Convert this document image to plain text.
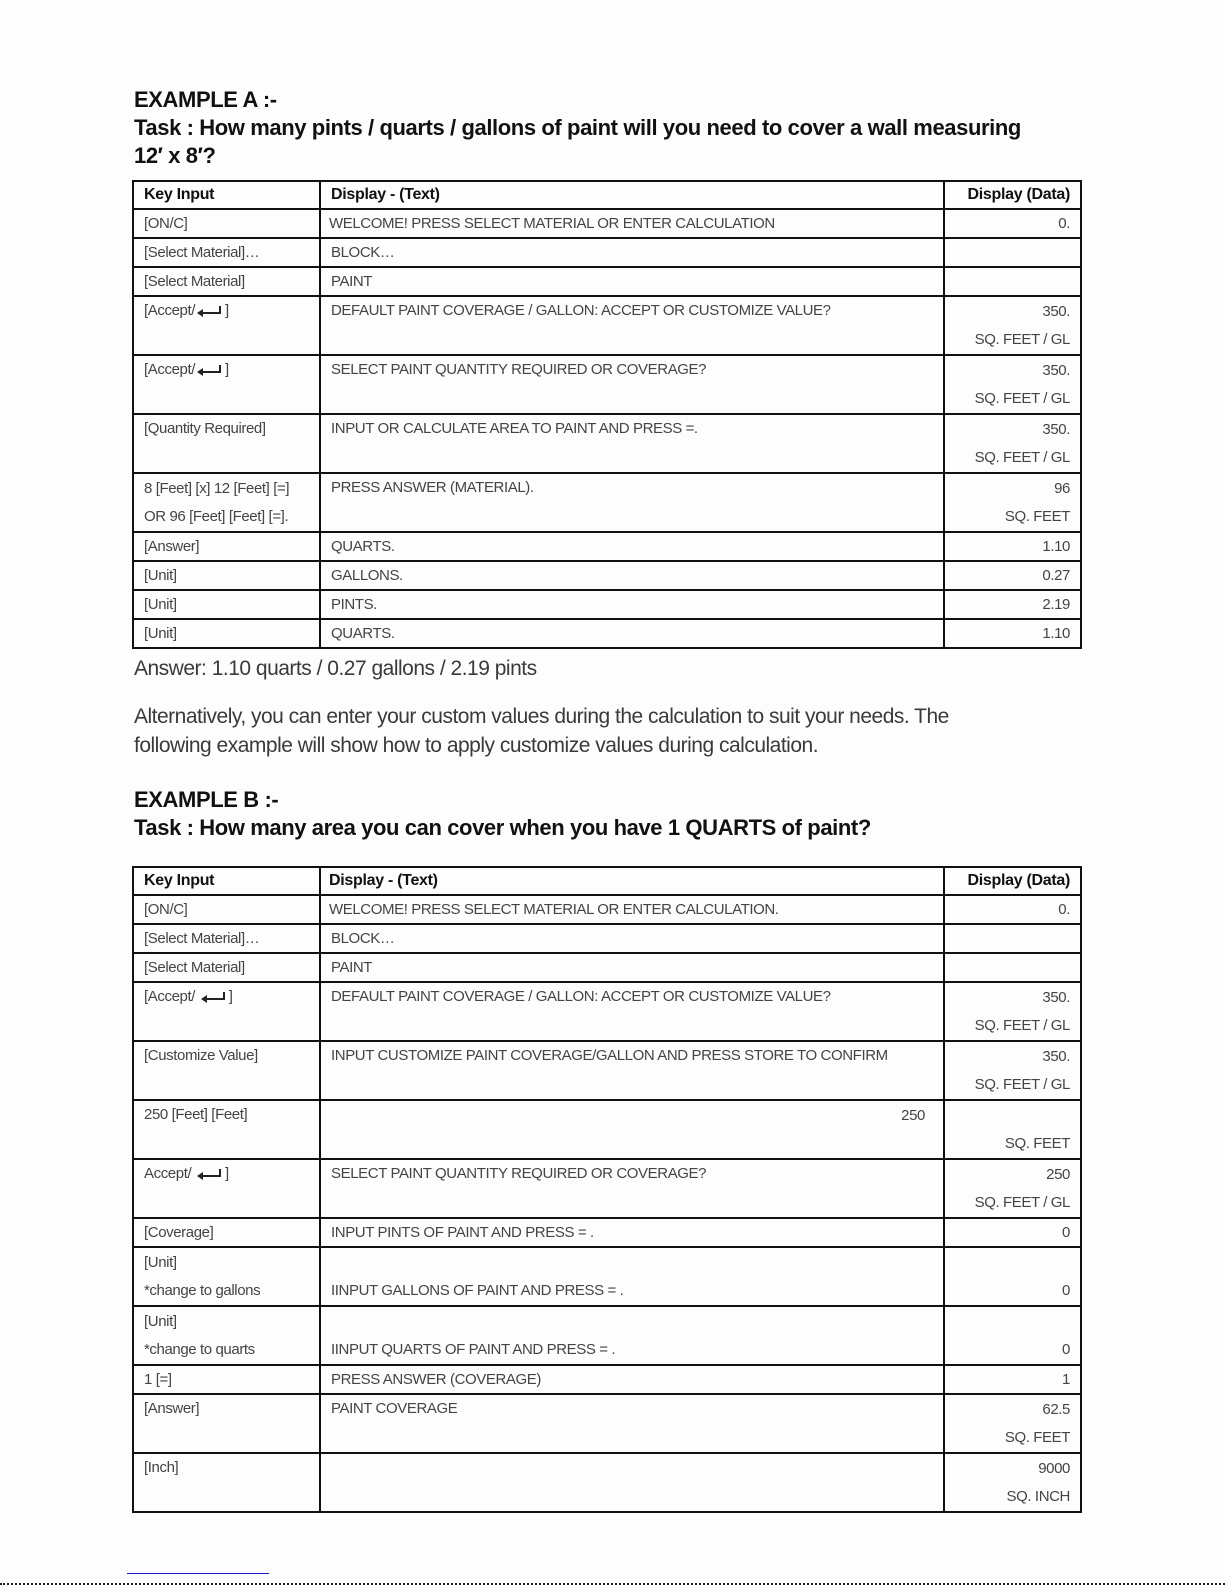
EXAMPLE A :-
Task : How many pints / quarts / gallons of paint will you need to cover a wall measuring
12′ x 8′?
Key Input	Display - (Text)	Display (Data)
[ON/C]	WELCOME! PRESS SELECT MATERIAL OR ENTER CALCULATION	0.
[Select Material]…	BLOCK…	
[Select Material]	PAINT	
[Accept/ ]	DEFAULT PAINT COVERAGE / GALLON: ACCEPT OR CUSTOMIZE VALUE?	350.
SQ. FEET / GL

[Accept/ ]	SELECT PAINT QUANTITY REQUIRED OR COVERAGE?	350.
SQ. FEET / GL

[Quantity Required]	INPUT OR CALCULATE AREA TO PAINT AND PRESS =.	350.
SQ. FEET / GL

8 [Feet] [x] 12 [Feet] [=]
OR 96 [Feet] [Feet] [=].	PRESS ANSWER (MATERIAL).	96
SQ. FEET

[Answer]	QUARTS.	1.10
[Unit]	GALLONS.	0.27
[Unit]	PINTS.	2.19
[Unit]	QUARTS.	1.10

Answer: 1.10 quarts / 0.27 gallons / 2.19 pints

Alternatively, you can enter your custom values during the calculation to suit your needs. The

following example will show how to apply customize values during calculation.

EXAMPLE B :-
Task : How many area you can cover when you have 1 QUARTS of paint?
Key Input	Display - (Text)	Display (Data)
[ON/C]	WELCOME! PRESS SELECT MATERIAL OR ENTER CALCULATION.	0.
[Select Material]…	BLOCK…	
[Select Material]	PAINT	
[Accept/
]	DEFAULT PAINT COVERAGE / GALLON: ACCEPT OR CUSTOMIZE VALUE?	350.
SQ. FEET / GL

[Customize Value]	INPUT CUSTOMIZE PAINT COVERAGE/GALLON AND PRESS STORE TO CONFIRM	350.
SQ. FEET / GL

250 [Feet] [Feet]	250	SQ. FEET

Accept/
]	SELECT PAINT QUANTITY REQUIRED OR COVERAGE?	250
SQ. FEET / GL

[Coverage]	INPUT PINTS OF PAINT AND PRESS = .	0

[Unit]
*change to gallons	IINPUT GALLONS OF PAINT AND PRESS = .	0

[Unit]
*change to quarts	IINPUT QUARTS OF PAINT AND PRESS = .	0

1 [=]	PRESS ANSWER (COVERAGE)	1
[Answer]	PAINT COVERAGE	62.5
SQ. FEET

[Inch]		9000
SQ. INCH
